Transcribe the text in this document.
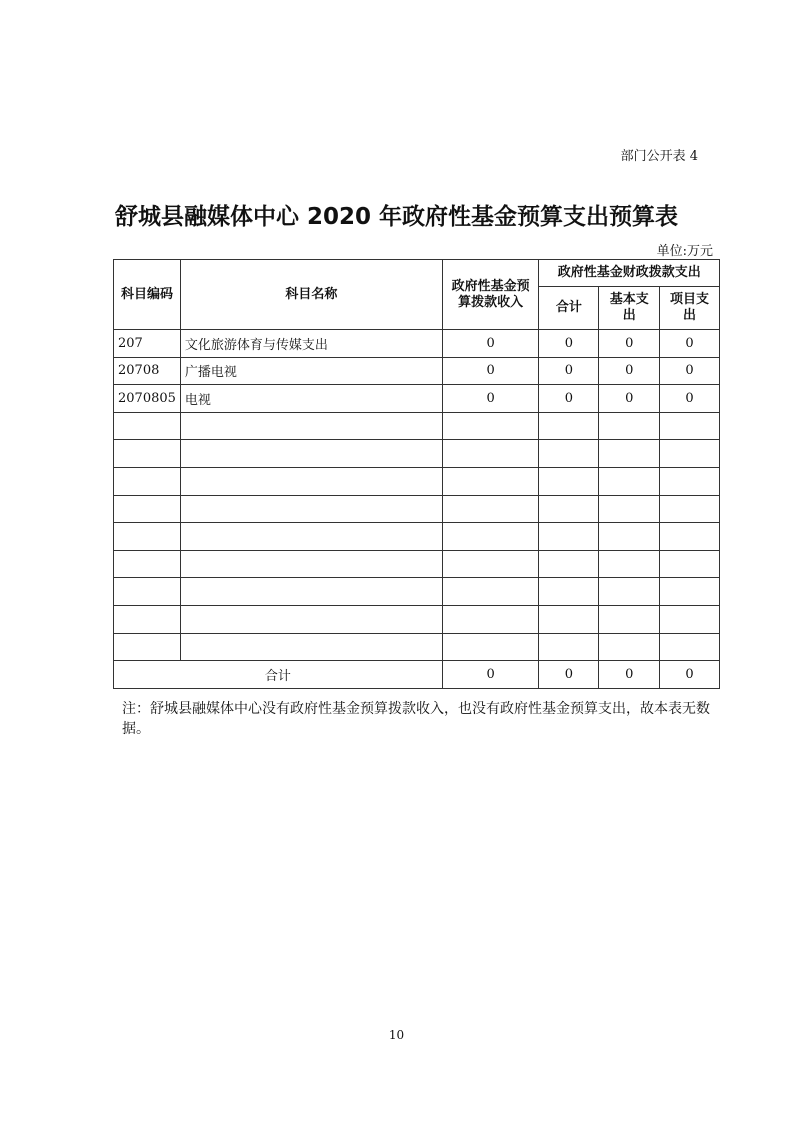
部门公开表 4
舒城县融媒体中心 2020 年政府性基金预算支出预算表
单位:万元
科目编码	科目名称	政府性基金预算拨款收入	政府性基金财政拨款支出		
			合计	基本支出	项目支出
207	文化旅游体育与传媒支出	0	0	0	0
20708	广播电视	0	0	0	0
2070805	电视	0	0	0	0

合计		0	0	0	0
注：舒城县融媒体中心没有政府性基金预算拨款收入，也没有政府性基金预算支出，故本表无数据。
10
